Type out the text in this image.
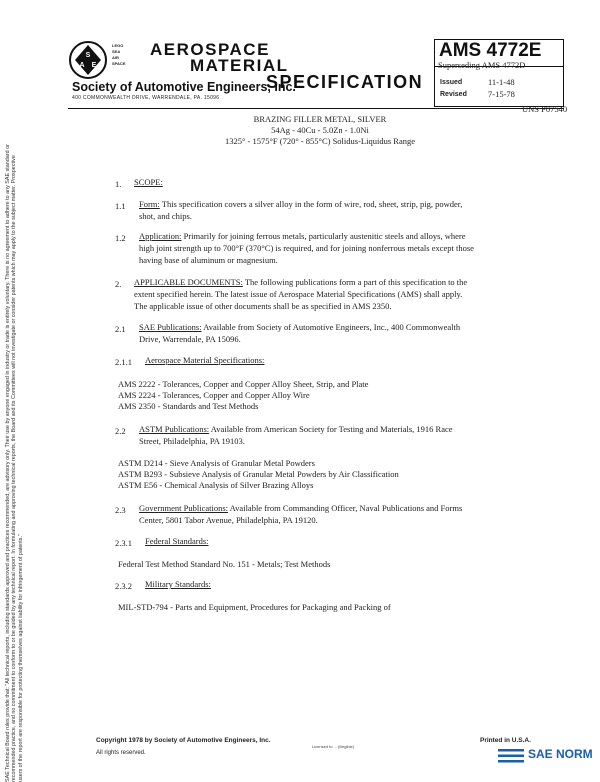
S
A E
LEGO
SEA
AIR
SPACE
AEROSPACE
MATERIAL
SPECIFICATION
Society of Automotive Engineers, Inc.
400 COMMONWEALTH DRIVE, WARRENDALE, PA. 15096
AMS 4772E
Superseding AMS 4772D
Issued	11-1-48
Revised 7-15-78
UNS P07540
BRAZING FILLER METAL, SILVER
54Ag - 40Cu - 5.0Zn - 1.0Ni
1325° - 1575°F (720° - 855°C) Solidus-Liquidus Range
SAE Technical Board rules provide that: "All technical reports, including standards approved and practices recommended, are advisory only. Their use by anyone engaged in industry or trade is entirely voluntary. There is no agreement to adhere to any SAE standard or recommended practice, and no commitment to conform to or be guided by any technical report. In formulating and approving technical reports, the Board and its Committees will not investigate or consider patents which may apply to the subject matter. Prospective users of the report are responsible for protecting themselves against liability for infringement of patents."
1. SCOPE:
1.1 Form: This specification covers a silver alloy in the form of wire, rod, sheet, strip, pig, powder,
shot, and chips.
1.2 Application: Primarily for joining ferrous metals, particularly austenitic steels and alloys, where
high joint strength up to 700°F (370°C) is required, and for joining nonferrous metals except those
having base of aluminum or magnesium.
2. APPLICABLE DOCUMENTS: The following publications form a part of this specification to the
extent specified herein. The latest issue of Aerospace Material Specifications (AMS) shall apply.
The applicable issue of other documents shall be as specified in AMS 2350.
2.1 SAE Publications: Available from Society of Automotive Engineers, Inc., 400 Commonwealth
Drive, Warrendale, PA 15096.
2.1.1 Aerospace Material Specifications:
AMS 2222 - Tolerances, Copper and Copper Alloy Sheet, Strip, and Plate
AMS 2224 - Tolerances, Copper and Copper Alloy Wire
AMS 2350 - Standards and Test Methods
2.2 ASTM Publications: Available from American Society for Testing and Materials, 1916 Race
Street, Philadelphia, PA 19103.
ASTM D214 - Sieve Analysis of Granular Metal Powders
ASTM B293 - Subsieve Analysis of Granular Metal Powders by Air Classification
ASTM E56 - Chemical Analysis of Silver Brazing Alloys
2.3 Government Publications: Available from Commanding Officer, Naval Publications and Forms
Center, 5801 Tabor Avenue, Philadelphia, PA 19120.
2.3.1 Federal Standards:
Federal Test Method Standard No. 151 - Metals; Test Methods
2.3.2 Military Standards:
MIL-STD-794 - Parts and Equipment, Procedures for Packaging and Packing of
Copyright 1978 by Society of Automotive Engineers, Inc.
All rights reserved.
Licensed to ... (illegible)
Printed in U.S.A.
SAE NORM
